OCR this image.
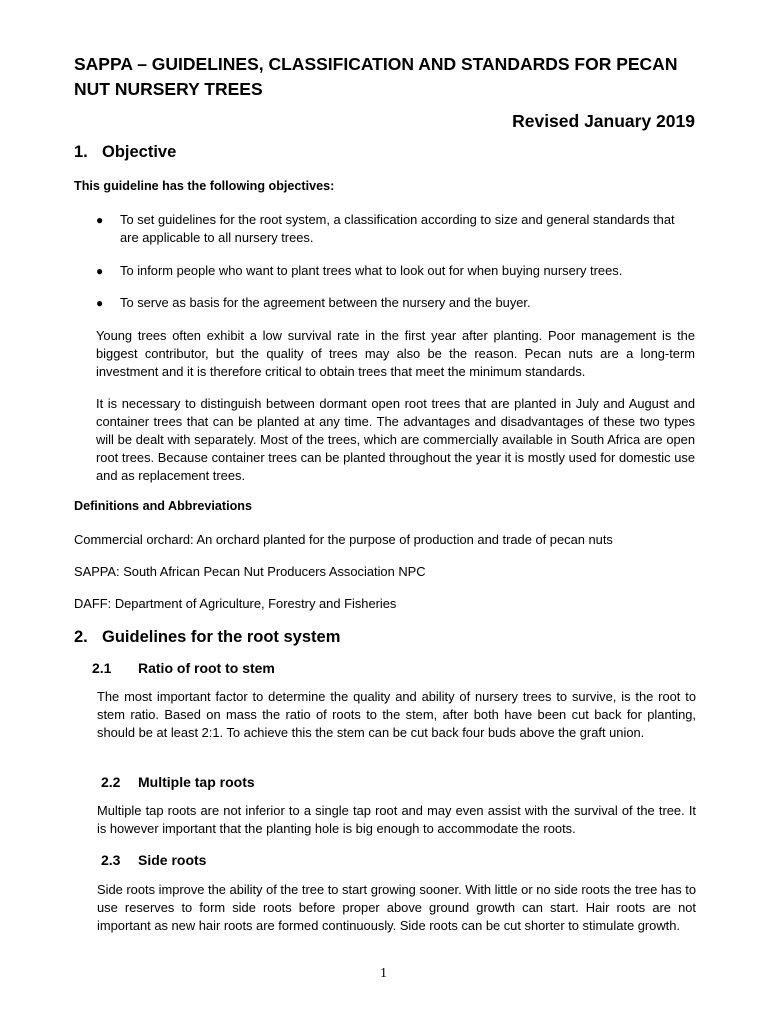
SAPPA – GUIDELINES, CLASSIFICATION AND STANDARDS FOR PECAN NUT NURSERY TREES

Revised January 2019

1. Objective

This guideline has the following objectives:

●	To set guidelines for the root system, a classification according to size and general standards that are applicable to all nursery trees.
●	To inform people who want to plant trees what to look out for when buying nursery trees.
●	To serve as basis for the agreement between the nursery and the buyer.

Young trees often exhibit a low survival rate in the first year after planting. Poor management is the biggest contributor, but the quality of trees may also be the reason. Pecan nuts are a long-term investment and it is therefore critical to obtain trees that meet the minimum standards.

It is necessary to distinguish between dormant open root trees that are planted in July and August and container trees that can be planted at any time. The advantages and disadvantages of these two types will be dealt with separately. Most of the trees, which are commercially available in South Africa are open root trees. Because container trees can be planted throughout the year it is mostly used for domestic use and as replacement trees.

Definitions and Abbreviations

Commercial orchard: An orchard planted for the purpose of production and trade of pecan nuts

SAPPA: South African Pecan Nut Producers Association NPC

DAFF: Department of Agriculture, Forestry and Fisheries

2. Guidelines for the root system
2.1 Ratio of root to stem

The most important factor to determine the quality and ability of nursery trees to survive, is the root to stem ratio. Based on mass the ratio of roots to the stem, after both have been cut back for planting, should be at least 2:1. To achieve this the stem can be cut back four buds above the graft union.

2.2 Multiple tap roots

Multiple tap roots are not inferior to a single tap root and may even assist with the survival of the tree. It is however important that the planting hole is big enough to accommodate the roots.

2.3 Side roots

Side roots improve the ability of the tree to start growing sooner. With little or no side roots the tree has to use reserves to form side roots before proper above ground growth can start. Hair roots are not important as new hair roots are formed continuously. Side roots can be cut shorter to stimulate growth.

1
